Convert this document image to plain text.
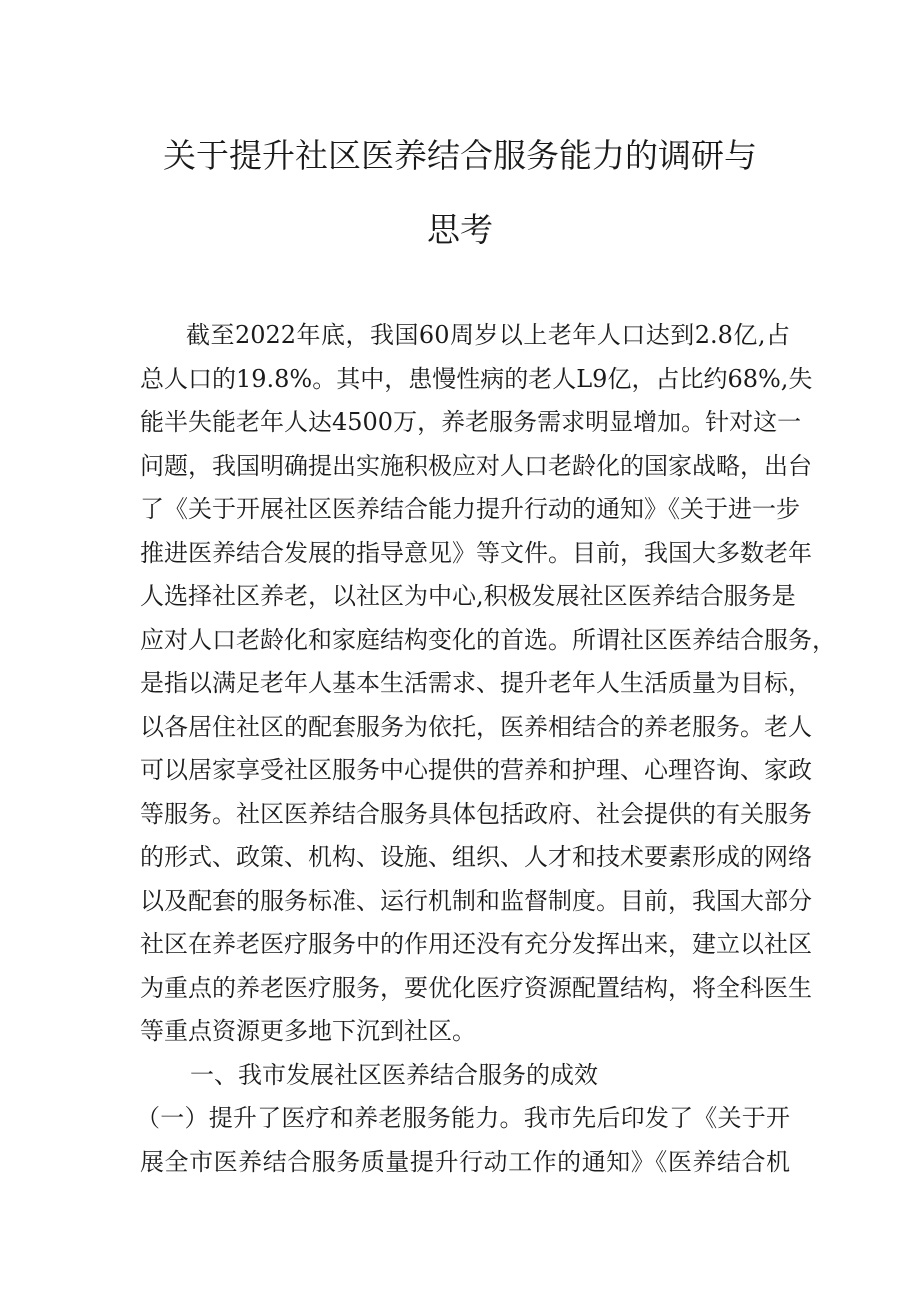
关于提升社区医养结合服务能力的调研与
思考
截至2022年底，我国60周岁以上老年人口达到2.8亿,占
总人口的19.8%。其中，患慢性病的老人L9亿，占比约68%,失
能半失能老年人达4500万，养老服务需求明显增加。针对这一
问题，我国明确提出实施积极应对人口老龄化的国家战略，出台
了《关于开展社区医养结合能力提升行动的通知》《关于进一步
推进医养结合发展的指导意见》等文件。目前，我国大多数老年
人选择社区养老，以社区为中心,积极发展社区医养结合服务是
应对人口老龄化和家庭结构变化的首选。所谓社区医养结合服务，
是指以满足老年人基本生活需求、提升老年人生活质量为目标，
以各居住社区的配套服务为依托，医养相结合的养老服务。老人
可以居家享受社区服务中心提供的营养和护理、心理咨询、家政
等服务。社区医养结合服务具体包括政府、社会提供的有关服务
的形式、政策、机构、设施、组织、人才和技术要素形成的网络
以及配套的服务标准、运行机制和监督制度。目前，我国大部分
社区在养老医疗服务中的作用还没有充分发挥出来，建立以社区
为重点的养老医疗服务，要优化医疗资源配置结构，将全科医生
等重点资源更多地下沉到社区。
一、我市发展社区医养结合服务的成效
（一）提升了医疗和养老服务能力。我市先后印发了《关于开
展全市医养结合服务质量提升行动工作的通知》《医养结合机
